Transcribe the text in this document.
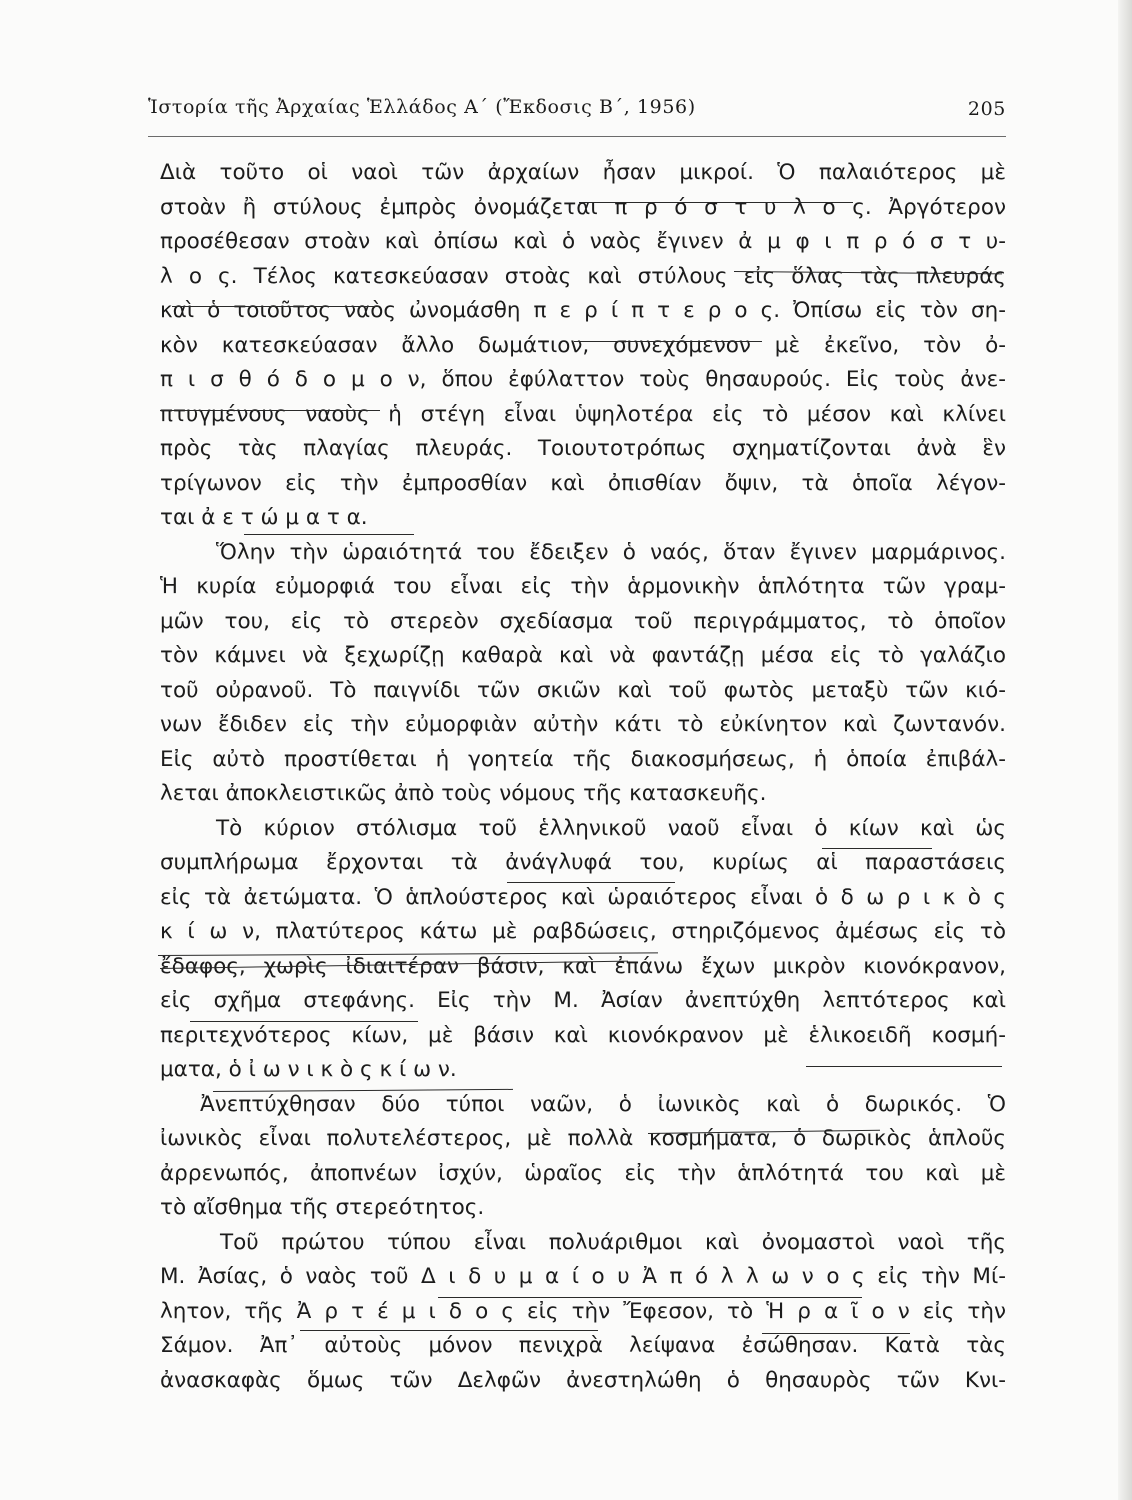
Ἱστορία τῆς Ἀρχαίας Ἑλλάδος Α΄ (Ἔκδοσις Β΄, 1956)	205
Διὰ τοῦτο οἱ ναοὶ τῶν ἀρχαίων ἦσαν μικροί. Ὁ παλαιότερος μὲ
στοὰν ἢ στύλους ἐμπρὸς ὀνομάζεται π ρ ό σ τ υ λ ο ς. Ἀργότερον
προσέθεσαν στοὰν καὶ ὀπίσω καὶ ὁ ναὸς ἔγινεν ἀ μ φ ι π ρ ό σ τ υ-
λ ο ς. Τέλος κατεσκεύασαν στοὰς καὶ στύλους εἰς ὅλας τὰς πλευράς
καὶ ὁ τοιοῦτος ναὸς ὠνομάσθη π ε ρ ί π τ ε ρ ο ς. Ὀπίσω εἰς τὸν ση-
κὸν κατεσκεύασαν ἄλλο δωμάτιον, συνεχόμενον μὲ ἐκεῖνο, τὸν ὀ-
π ι σ θ ό δ ο μ ο ν, ὅπου ἐφύλαττον τοὺς θησαυρούς. Εἰς τοὺς ἀνε-
πτυγμένους ναοὺς ἡ στέγη εἶναι ὑψηλοτέρα εἰς τὸ μέσον καὶ κλίνει
πρὸς τὰς πλαγίας πλευράς. Τοιουτοτρόπως σχηματίζονται ἀνὰ ἓν
τρίγωνον εἰς τὴν ἐμπροσθίαν καὶ ὀπισθίαν ὄψιν, τὰ ὁποῖα λέγον-
ται ἀ ε τ ώ μ α τ α.
Ὅλην τὴν ὡραιότητά του ἔδειξεν ὁ ναός, ὅταν ἔγινεν μαρμάρινος.
Ἡ κυρία εὐμορφιά του εἶναι εἰς τὴν ἁρμονικὴν ἁπλότητα τῶν γραμ-
μῶν του, εἰς τὸ στερεὸν σχεδίασμα τοῦ περιγράμματος, τὸ ὁποῖον
τὸν κάμνει νὰ ξεχωρίζῃ καθαρὰ καὶ νὰ φαντάζῃ μέσα εἰς τὸ γαλάζιο
τοῦ οὐρανοῦ. Τὸ παιγνίδι τῶν σκιῶν καὶ τοῦ φωτὸς μεταξὺ τῶν κιό-
νων ἔδιδεν εἰς τὴν εὐμορφιὰν αὐτὴν κάτι τὸ εὐκίνητον καὶ ζωντανόν.
Εἰς αὐτὸ προστίθεται ἡ γοητεία τῆς διακοσμήσεως, ἡ ὁποία ἐπιβάλ-
λεται ἀποκλειστικῶς ἀπὸ τοὺς νόμους τῆς κατασκευῆς.
Τὸ κύριον στόλισμα τοῦ ἑλληνικοῦ ναοῦ εἶναι ὁ κίων καὶ ὡς
συμπλήρωμα ἔρχονται τὰ ἀνάγλυφά του, κυρίως αἱ παραστάσεις
εἰς τὰ ἀετώματα. Ὁ ἁπλούστερος καὶ ὡραιότερος εἶναι ὁ δ ω ρ ι κ ὸ ς
κ ί ω ν, πλατύτερος κάτω μὲ ραβδώσεις, στηριζόμενος ἀμέσως εἰς τὸ
ἔδαφος, χωρὶς ἰδιαιτέραν βάσιν, καὶ ἐπάνω ἔχων μικρὸν κιονόκρανον,
εἰς σχῆμα στεφάνης. Εἰς τὴν Μ. Ἀσίαν ἀνεπτύχθη λεπτότερος καὶ
περιτεχνότερος κίων, μὲ βάσιν καὶ κιονόκρανον μὲ ἑλικοειδῆ κοσμή-
ματα, ὁ ἰ ω ν ι κ ὸ ς κ ί ω ν.
Ἀνεπτύχθησαν δύο τύποι ναῶν, ὁ ἰωνικὸς καὶ ὁ δωρικός. Ὁ
ἰωνικὸς εἶναι πολυτελέστερος, μὲ πολλὰ κοσμήματα, ὁ δωρικὸς ἁπλοῦς
ἀρρενωπός, ἀποπνέων ἰσχύν, ὡραῖος εἰς τὴν ἁπλότητά του καὶ μὲ
τὸ αἴσθημα τῆς στερεότητος.
Τοῦ πρώτου τύπου εἶναι πολυάριθμοι καὶ ὀνομαστοὶ ναοὶ τῆς
Μ. Ἀσίας, ὁ ναὸς τοῦ Δ ι δ υ μ α ί ο υ Ἀ π ό λ λ ω ν ο ς εἰς τὴν Μί-
λητον, τῆς Ἀ ρ τ έ μ ι δ ο ς εἰς τὴν Ἔφεσον, τὸ Ἡ ρ α ῖ ο ν εἰς τὴν
Σάμον. Ἀπ᾿ αὐτοὺς μόνον πενιχρὰ λείψανα ἐσώθησαν. Κατὰ τὰς
ἀνασκαφὰς ὅμως τῶν Δελφῶν ἀνεστηλώθη ὁ θησαυρὸς τῶν Κνι-
